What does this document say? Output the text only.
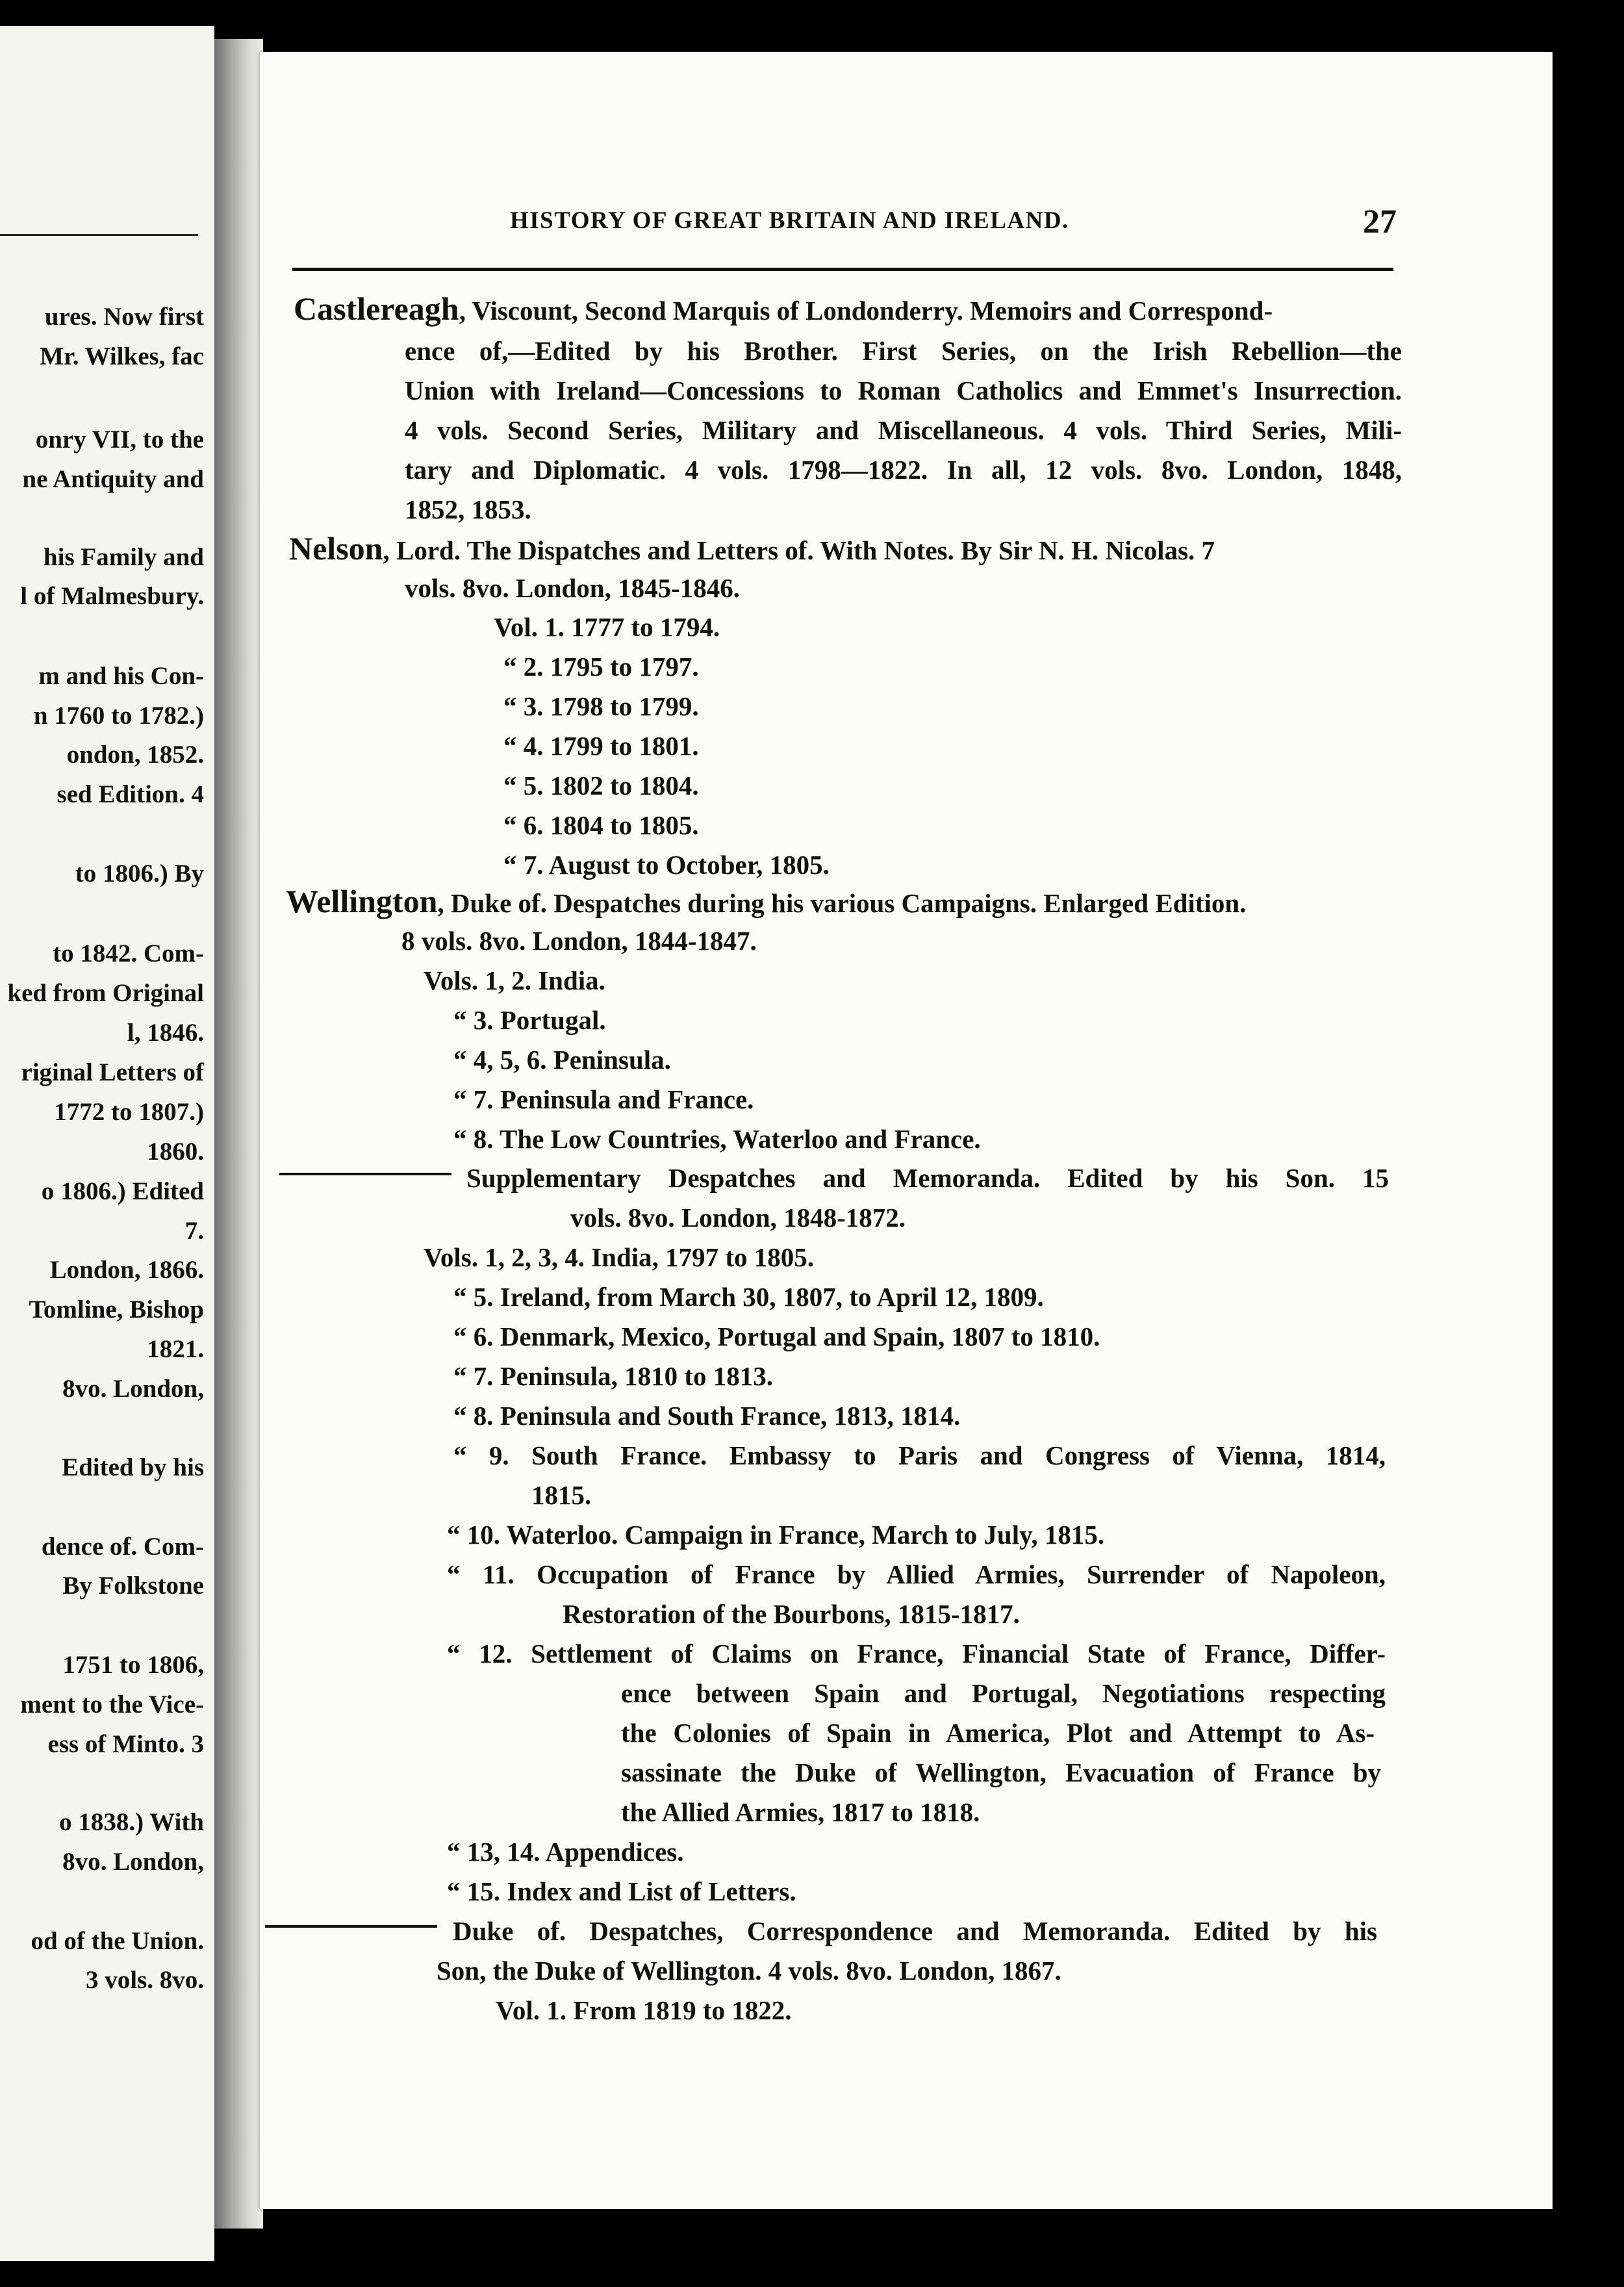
ures. Now first
Mr. Wilkes, fac
onry VII, to the
ne Antiquity and
his Family and
l of Malmesbury.
m and his Con-
n 1760 to 1782.)
ondon, 1852.
sed Edition. 4
to 1806.) By
to 1842. Com-
ked from Original
l, 1846.
riginal Letters of
1772 to 1807.)
1860.
o 1806.) Edited
7.
London, 1866.
Tomline, Bishop
1821.
8vo. London,
Edited by his
dence of. Com-
By Folkstone
1751 to 1806,
ment to the Vice-
ess of Minto. 3
o 1838.) With
8vo. London,
od of the Union.
3 vols. 8vo.
HISTORY OF GREAT BRITAIN AND IRELAND.	27
Castlereagh, Viscount, Second Marquis of Londonderry. Memoirs and Correspond-
ence of,—Edited by his Brother. First Series, on the Irish Rebellion—the
Union with Ireland—Concessions to Roman Catholics and Emmet's Insurrection.
4 vols. Second Series, Military and Miscellaneous. 4 vols. Third Series, Mili-
tary and Diplomatic. 4 vols. 1798—1822. In all, 12 vols. 8vo. London, 1848,
1852, 1853.
Nelson, Lord. The Dispatches and Letters of. With Notes. By Sir N. H. Nicolas. 7
vols. 8vo. London, 1845-1846.
Vol. 1. 1777 to 1794.
“ 2. 1795 to 1797.
“ 3. 1798 to 1799.
“ 4. 1799 to 1801.
“ 5. 1802 to 1804.
“ 6. 1804 to 1805.
“ 7. August to October, 1805.
Wellington, Duke of. Despatches during his various Campaigns. Enlarged Edition.
8 vols. 8vo. London, 1844-1847.
Vols. 1, 2. India.
“ 3. Portugal.
“ 4, 5, 6. Peninsula.
“ 7. Peninsula and France.
“ 8. The Low Countries, Waterloo and France.
Supplementary Despatches and Memoranda. Edited by his Son. 15
vols. 8vo. London, 1848-1872.
Vols. 1, 2, 3, 4. India, 1797 to 1805.
“ 5. Ireland, from March 30, 1807, to April 12, 1809.
“ 6. Denmark, Mexico, Portugal and Spain, 1807 to 1810.
“ 7. Peninsula, 1810 to 1813.
“ 8. Peninsula and South France, 1813, 1814.
“ 9. South France. Embassy to Paris and Congress of Vienna, 1814,
1815.
“ 10. Waterloo. Campaign in France, March to July, 1815.
“ 11. Occupation of France by Allied Armies, Surrender of Napoleon,
Restoration of the Bourbons, 1815-1817.
“ 12. Settlement of Claims on France, Financial State of France, Differ-
ence between Spain and Portugal, Negotiations respecting
the Colonies of Spain in America, Plot and Attempt to As-
sassinate the Duke of Wellington, Evacuation of France by
the Allied Armies, 1817 to 1818.
“ 13, 14. Appendices.
“ 15. Index and List of Letters.
Duke of. Despatches, Correspondence and Memoranda. Edited by his
Son, the Duke of Wellington. 4 vols. 8vo. London, 1867.
Vol. 1. From 1819 to 1822.
